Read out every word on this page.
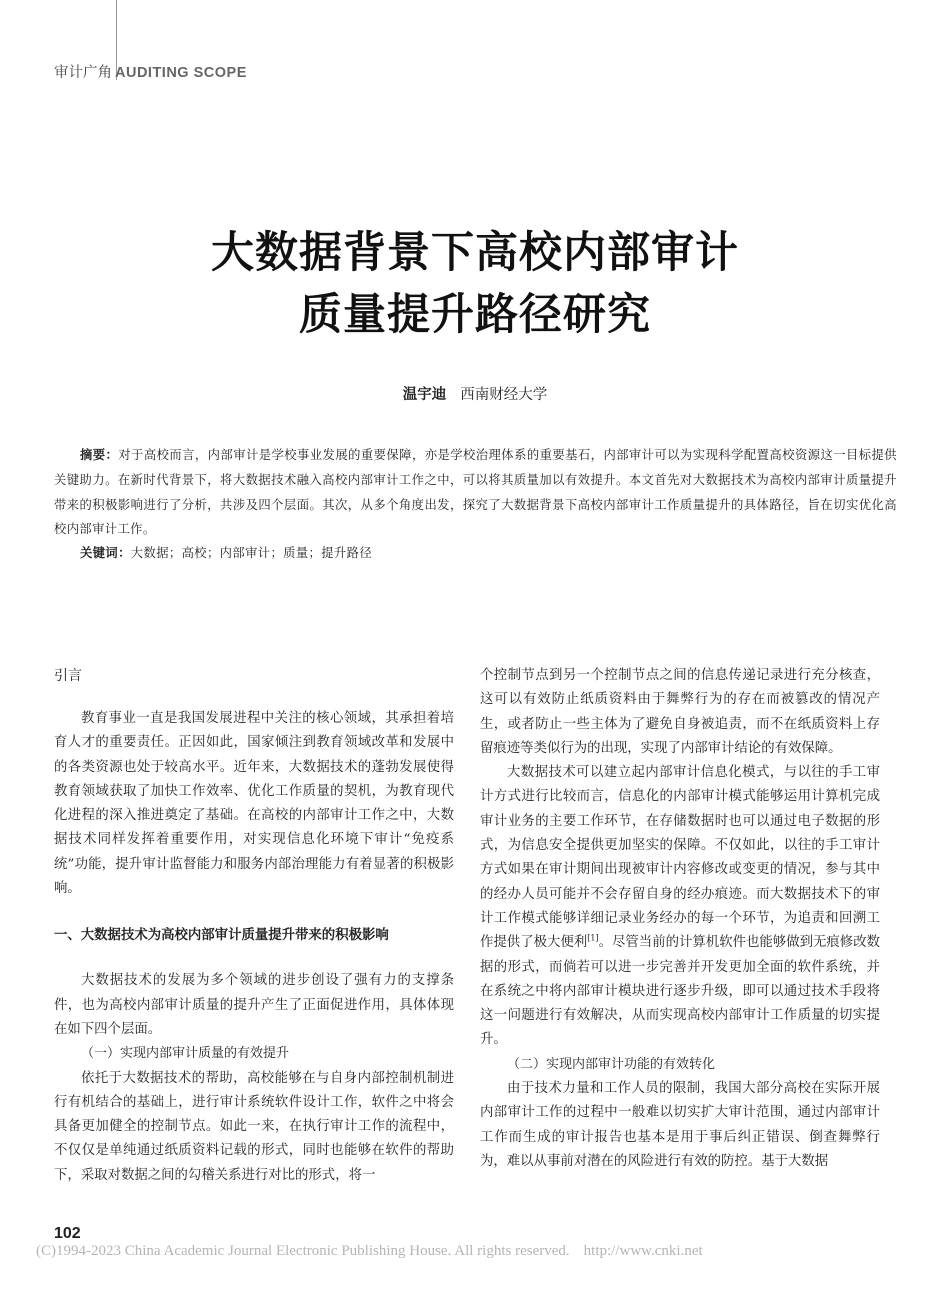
审计广角 AUDITING SCOPE
大数据背景下高校内部审计
质量提升路径研究
温宇迪 西南财经大学

摘要：对于高校而言，内部审计是学校事业发展的重要保障，亦是学校治理体系的重要基石，内部审计可以为实现科学配置高校资源这一目标提供关键助力。在新时代背景下，将大数据技术融入高校内部审计工作之中，可以将其质量加以有效提升。本文首先对大数据技术为高校内部审计质量提升带来的积极影响进行了分析，共涉及四个层面。其次，从多个角度出发，探究了大数据背景下高校内部审计工作质量提升的具体路径，旨在切实优化高校内部审计工作。

关键词：大数据；高校；内部审计；质量；提升路径
引言

教育事业一直是我国发展进程中关注的核心领域，其承担着培育人才的重要责任。正因如此，国家倾注到教育领域改革和发展中的各类资源也处于较高水平。近年来，大数据技术的蓬勃发展使得教育领域获取了加快工作效率、优化工作质量的契机，为教育现代化进程的深入推进奠定了基础。在高校的内部审计工作之中，大数据技术同样发挥着重要作用，对实现信息化环境下审计“免疫系统”功能，提升审计监督能力和服务内部治理能力有着显著的积极影响。

一、大数据技术为高校内部审计质量提升带来的积极影响

大数据技术的发展为多个领域的进步创设了强有力的支撑条件，也为高校内部审计质量的提升产生了正面促进作用，具体体现在如下四个层面。

（一）实现内部审计质量的有效提升

依托于大数据技术的帮助，高校能够在与自身内部控制机制进行有机结合的基础上，进行审计系统软件设计工作，软件之中将会具备更加健全的控制节点。如此一来，在执行审计工作的流程中，不仅仅是单纯通过纸质资料记载的形式，同时也能够在软件的帮助下，采取对数据之间的勾稽关系进行对比的形式，将一

个控制节点到另一个控制节点之间的信息传递记录进行充分核查，这可以有效防止纸质资料由于舞弊行为的存在而被篡改的情况产生，或者防止一些主体为了避免自身被追责，而不在纸质资料上存留痕迹等类似行为的出现，实现了内部审计结论的有效保障。

大数据技术可以建立起内部审计信息化模式，与以往的手工审计方式进行比较而言，信息化的内部审计模式能够运用计算机完成审计业务的主要工作环节，在存储数据时也可以通过电子数据的形式，为信息安全提供更加坚实的保障。不仅如此，以往的手工审计方式如果在审计期间出现被审计内容修改或变更的情况，参与其中的经办人员可能并不会存留自身的经办痕迹。而大数据技术下的审计工作模式能够详细记录业务经办的每一个环节，为追责和回溯工作提供了极大便利[1]。尽管当前的计算机软件也能够做到无痕修改数据的形式，而倘若可以进一步完善并开发更加全面的软件系统，并在系统之中将内部审计模块进行逐步升级，即可以通过技术手段将这一问题进行有效解决，从而实现高校内部审计工作质量的切实提升。

（二）实现内部审计功能的有效转化

由于技术力量和工作人员的限制，我国大部分高校在实际开展内部审计工作的过程中一般难以切实扩大审计范围，通过内部审计工作而生成的审计报告也基本是用于事后纠正错误、倒查舞弊行为，难以从事前对潜在的风险进行有效的防控。基于大数据

102
(C)1994-2023 China Academic Journal Electronic Publishing House. All rights reserved. http://www.cnki.net
